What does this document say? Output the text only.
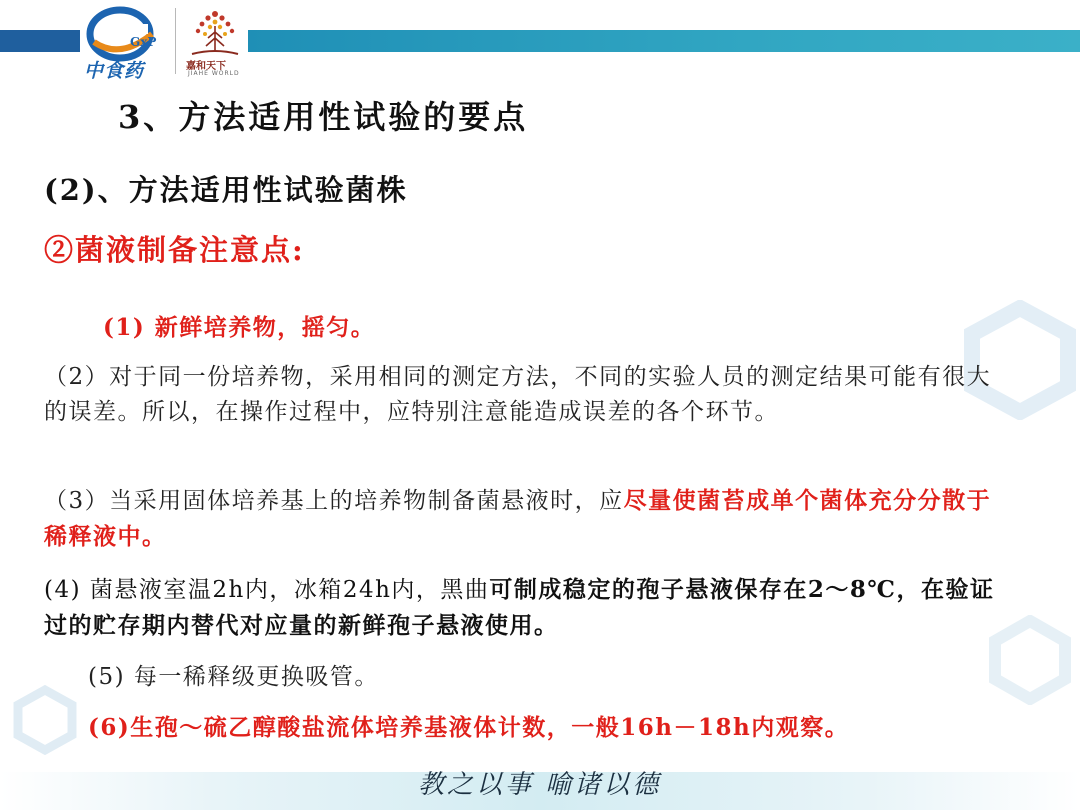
GxP
中食药	嘉和天下
JIAHE WORLD
3、方法适用性试验的要点
(2)、方法适用性试验菌株
②菌液制备注意点:
(1) 新鲜培养物，摇匀。
（2）对于同一份培养物，采用相同的测定方法，不同的实验人员的测定结果可能有很大的误差。所以，在操作过程中，应特别注意能造成误差的各个环节。
（3）当采用固体培养基上的培养物制备菌悬液时，应尽量使菌苔成单个菌体充分分散于稀释液中。
(4) 菌悬液室温2h内，冰箱24h内，黑曲可制成稳定的孢子悬液保存在2～8℃，在验证过的贮存期内替代对应量的新鲜孢子悬液使用。
(5) 每一稀释级更换吸管。
(6)生孢～硫乙醇酸盐流体培养基液体计数，一般16h－18h内观察。
教之以事 喻诸以德
